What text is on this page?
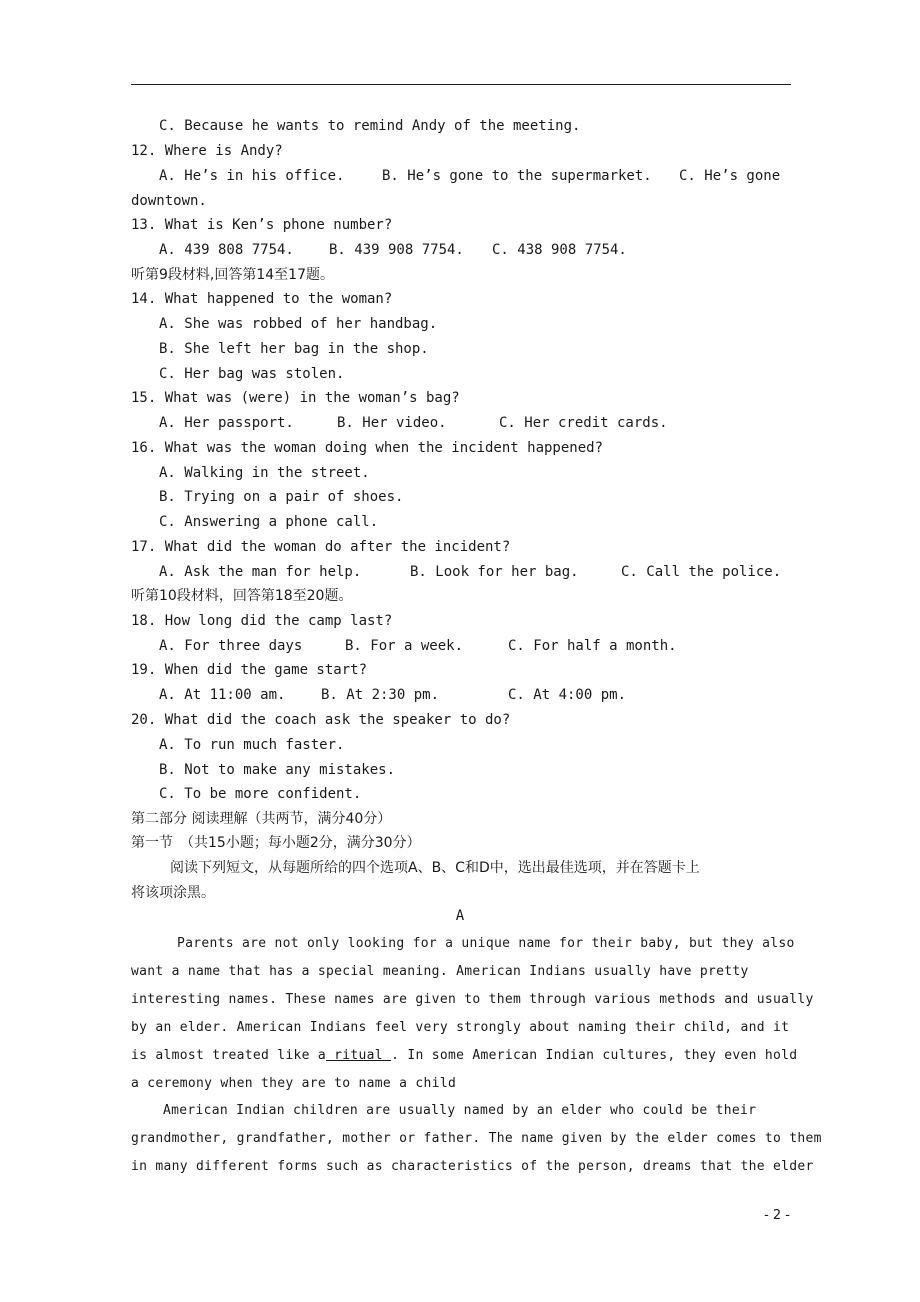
C. Because he wants to remind Andy of the meeting.
12. Where is Andy?
A. He’s in his office.	B. He’s gone to the supermarket. C. He’s gone
downtown.
13. What is Ken’s phone number?
A. 439 808 7754.	B. 439 908 7754. C. 438 908 7754.
听第9段材料,回答第14至17题。
14. What happened to the woman?
A. She was robbed of her handbag.
B. She left her bag in the shop.
C. Her bag was stolen.
15. What was (were) in the woman’s bag?
A. Her passport.	B. Her video.	C. Her credit cards.
16. What was the woman doing when the incident happened?
A. Walking in the street.
B. Trying on a pair of shoes.
C. Answering a phone call.
17. What did the woman do after the incident?
A. Ask the man for help.	B. Look for her bag.	C. Call the police.
听第10段材料，回答第18至20题。
18. How long did the camp last?
A. For three days	B. For a week.	C. For half a month.
19. When did the game start?
A. At 11:00 am.	B. At 2:30 pm.	C. At 4:00 pm.
20. What did the coach ask the speaker to do?
A. To run much faster.
B. Not to make any mistakes.
C. To be more confident.
第二部分 阅读理解（共两节，满分40分）
第一节　（共15小题；每小题2分，满分30分）
阅读下列短文，从每题所给的四个选项A、B、C和D中，选出最佳选项，并在答题卡上
将该项涂黑。
A
Parents are not only looking for a unique name for their baby, but they also
want a name that has a special meaning. American Indians usually have pretty
interesting names. These names are given to them through various methods and usually
by an elder. American Indians feel very strongly about naming their child, and it
is almost treated like a ritual . In some American Indian cultures, they even hold
a ceremony when they are to name a child
American Indian children are usually named by an elder who could be their
grandmother, grandfather, mother or father. The name given by the elder comes to them
in many different forms such as characteristics of the person, dreams that the elder
- 2 -
